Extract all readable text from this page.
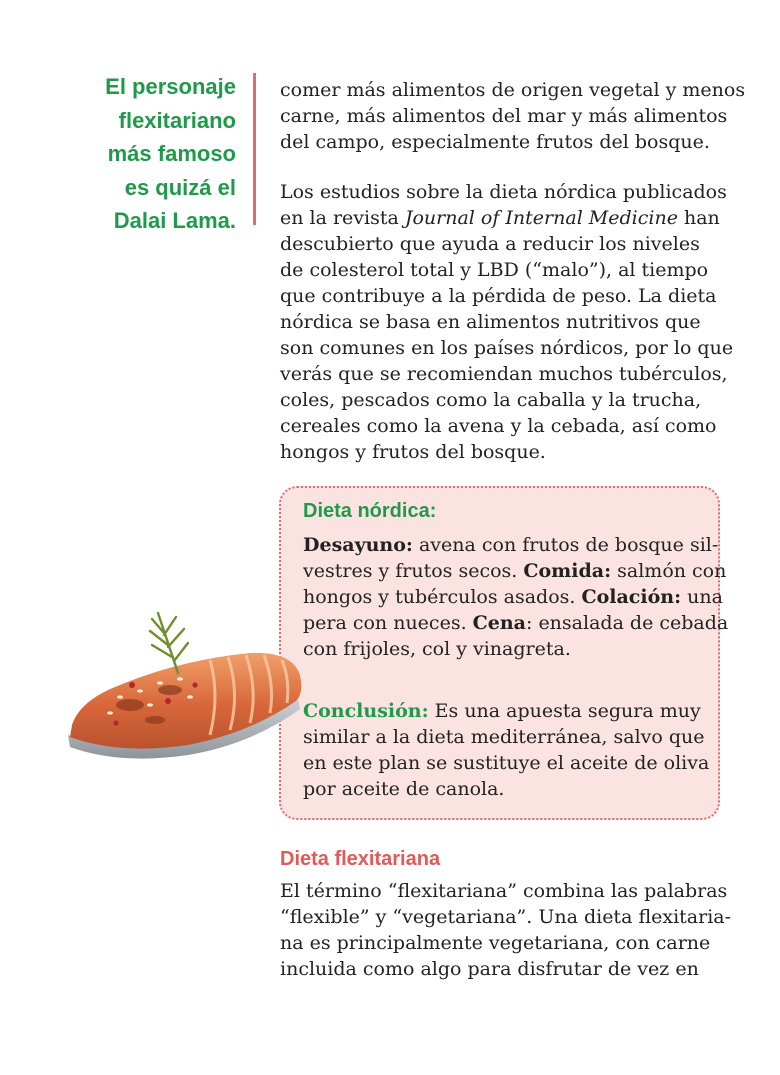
El personaje
flexitariano
más famoso
es quizá el
Dalai Lama.

comer más alimentos de origen vegetal y menos
carne, más alimentos del mar y más alimentos
del campo, especialmente frutos del bosque.

Los estudios sobre la dieta nórdica publicados
en la revista Journal of Internal Medicine han
descubierto que ayuda a reducir los niveles
de colesterol total y LBD (“malo”), al tiempo
que contribuye a la pérdida de peso. La dieta
nórdica se basa en alimentos nutritivos que
son comunes en los países nórdicos, por lo que
verás que se recomiendan muchos tubérculos,
coles, pescados como la caballa y la trucha,
cereales como la avena y la cebada, así como
hongos y frutos del bosque.

Dieta nórdica:

Desayuno: avena con frutos de bosque sil-
vestres y frutos secos. Comida: salmón con
hongos y tubérculos asados. Colación: una
pera con nueces. Cena: ensalada de cebada
con frijoles, col y vinagreta.

Conclusión: Es una apuesta segura muy
similar a la dieta mediterránea, salvo que
en este plan se sustituye el aceite de oliva
por aceite de canola.

Dieta flexitariana

El término “flexitariana” combina las palabras
“flexible” y “vegetariana”. Una dieta flexitaria-
na es principalmente vegetariana, con carne
incluida como algo para disfrutar de vez en
